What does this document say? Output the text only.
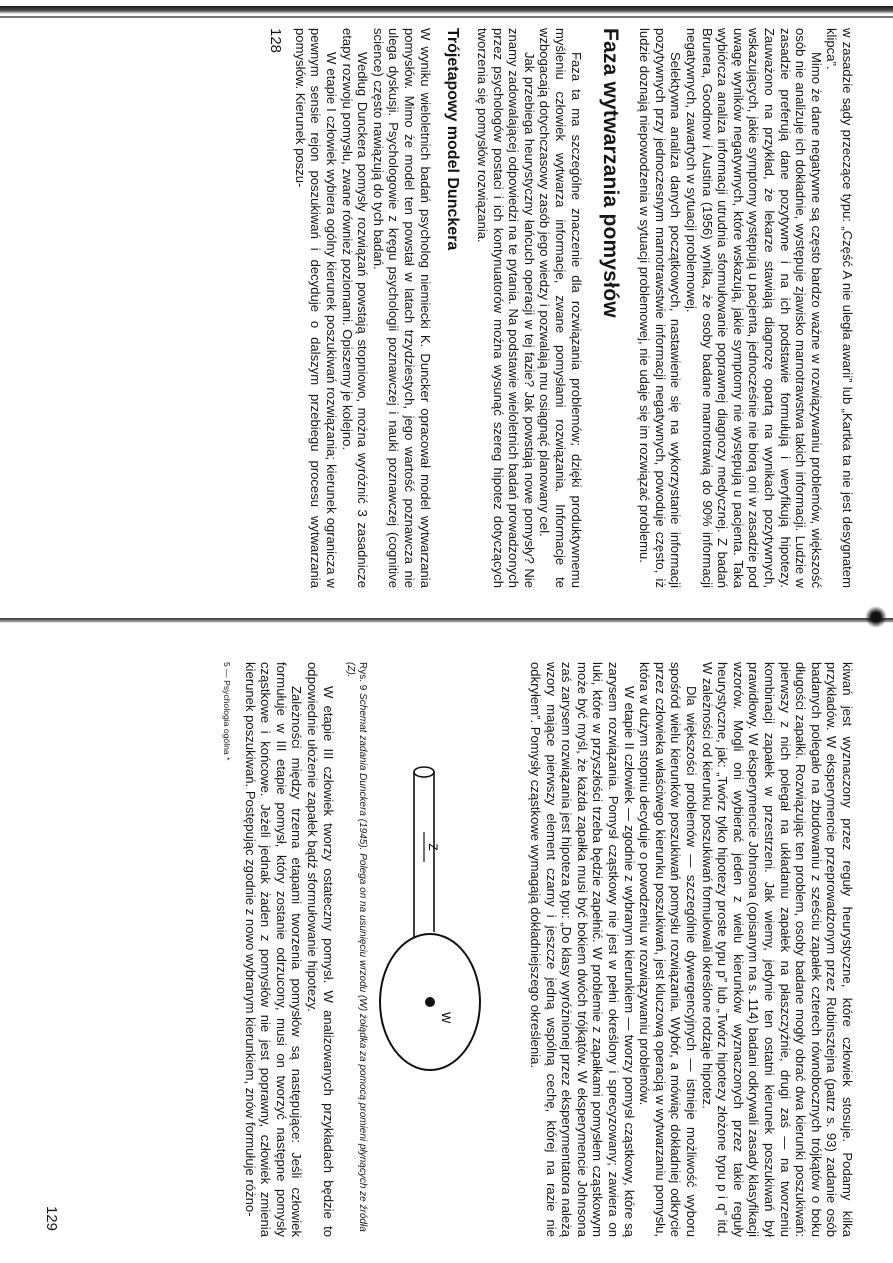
w zasadzie sądy przeczące typu: „Część A nie uległa awarii” lub „Kartka ta nie jest desygnatem klipca”.

Mimo że dane negatywne są często bardzo ważne w rozwiązywaniu problemów, większość osób nie analizuje ich dokładnie, występuje zjawisko marnotrawstwa takich informacji. Ludzie w zasadzie preferują dane pozytywne i na ich podstawie formułują i weryfikują hipotezy. Zauważono na przykład, że lekarze stawiają diagnozę opartą na wynikach pozytywnych, wskazujących, jakie symptomy występują u pacjenta, jednocześnie nie biorą oni w zasadzie pod uwagę wyników negatywnych, które wskazują, jakie symptomy nie występują u pacjenta. Taka wybiórcza analiza informacji utrudnia sformułowanie poprawnej diagnozy medycznej. Z badań Brunera, Goodnow i Austina (1956) wynika, że osoby badane marnotrawią do 90% informacji negatywnych, zawartych w sytuacji problemowej.

Selektywna analiza danych początkowych, nastawienie się na wykorzystanie informacji pozytywnych przy jednoczesnym marnotrawstwie informacji negatywnych, powoduje często, iż ludzie doznają niepowodzenia w sytuacji problemowej, nie udaje się im rozwiązać problemu.

Faza wytwarzania pomysłów

Faza ta ma szczególne znaczenie dla rozwiązania problemów; dzięki produktywnemu myśleniu człowiek wytwarza informacje, zwane pomysłami rozwiązania. Informacje te wzbogacają dotychczasowy zasób jego wiedzy i pozwalają mu osiągnąć planowany cel.

Jak przebiega heurystyczny łańcuch operacji w tej fazie? Jak powstają nowe pomysły? Nie znamy zadowalającej odpowiedzi na te pytania. Na podstawie wieloletnich badań prowadzonych przez psychologów postaci i ich kontynuatorów można wysunąć szereg hipotez dotyczących tworzenia się pomysłów rozwiązania.

Trójetapowy model Dunckera

W wyniku wieloletnich badań psycholog niemiecki K. Duncker opracował model wytwarzania pomysłów. Mimo że model ten powstał w latach trzydziestych, jego wartość poznawcza nie ulega dyskusji. Psychologowie z kręgu psychologii poznawczej i nauki poznawczej (cognitive science) często nawiązują do tych badań.

Według Dunckera pomysły rozwiązań powstają stopniowo, można wyróżnić 3 zasadnicze etapy rozwoju pomysłu, zwane również poziomami. Opiszemy je kolejno.

W etapie I człowiek wybiera ogólny kierunek poszukiwań rozwiązania; kierunek ogranicza w pewnym sensie rejon poszukiwań i decyduje o dalszym przebiegu procesu wytwarzania pomysłów. Kierunek poszu-

128

kiwań jest wyznaczony przez reguły heurystyczne, które człowiek stosuje. Podamy kilka przykładów. W eksperymencie przeprowadzonym przez Rubinsztejna (patrz s. 93) zadanie osób badanych polegało na zbudowaniu z sześciu zapałek czterech równobocznych trójkątów o boku długości zapałki. Rozwiązując ten problem, osoby badane mogły obrać dwa kierunki poszukiwań: pierwszy z nich polegał na układaniu zapałek na płaszczyźnie, drugi zaś — na tworzeniu kombinacji zapałek w przestrzeni. Jak wiemy, jedynie ten ostatni kierunek poszukiwań był prawidłowy. W eksperymencie Johnsona (opisanym na s. 114) badani odkrywali zasady klasyfikacji wzorów. Mogli oni wybierać jeden z wielu kierunków wyznaczonych przez takie reguły heurystyczne, jak: „Twórz tylko hipotezy proste typu p” lub „Twórz hipotezy złożone typu p i q” itd. W zależności od kierunku poszukiwań formułowali określone rodzaje hipotez.

Dla większości problemów — szczególnie dywergencyjnych — istnieje możliwość wyboru spośród wielu kierunków poszukiwań pomysłu rozwiązania. Wybór, a mówiąc dokładniej odkrycie przez człowieka właściwego kierunku poszukiwań, jest kluczową operacją w wytwarzaniu pomysłu, która w dużym stopniu decyduje o powodzeniu w rozwiązywaniu problemów.

W etapie II człowiek — zgodnie z wybranym kierunkiem — tworzy pomysł cząstkowy, które są zarysem rozwiązania. Pomysł cząstkowy nie jest w pełni określony i sprecyzowany; zawiera on luki, które w przyszłości trzeba będzie zapełnić. W problemie z zapałkami pomysłem cząstkowym może być myśl, że każda zapałka musi być bokiem dwóch trójkątów. W eksperymencie Johnsona zaś zarysem rozwiązania jest hipoteza typu: „Do klasy wyróżnionej przez eksperymentatora należą wzory mające pierwszy element czarny i jeszcze jedną wspólną cechę, której na razie nie odkryłem”. Pomysły cząstkowe wymagają dokładniejszego określenia.

Z
W

Rys. 9 Schemat zadania Dunckera (1945). Polega on na usunięciu wrzodu (W) żołądka za pomocą promieni płynących ze źródła (Z).

W etapie III człowiek tworzy ostateczny pomysł. W analizowanych przykładach będzie to odpowiednie ułożenie zapałek bądź sformułowanie hipotezy.

Zależności między trzema etapami tworzenia pomysłów są następujące: Jeśli człowiek formułuje w III etapie pomysł, który zostanie odrzucony, musi on tworzyć następne pomysły cząstkowe i końcowe. Jeżeli jednak żaden z pomysłów nie jest poprawny, człowiek zmienia kierunek poszukiwań. Postępując zgodnie z nowo wybranym kierunkiem, znów formułuje różno-

5 — Psychologia ogólna *

129
